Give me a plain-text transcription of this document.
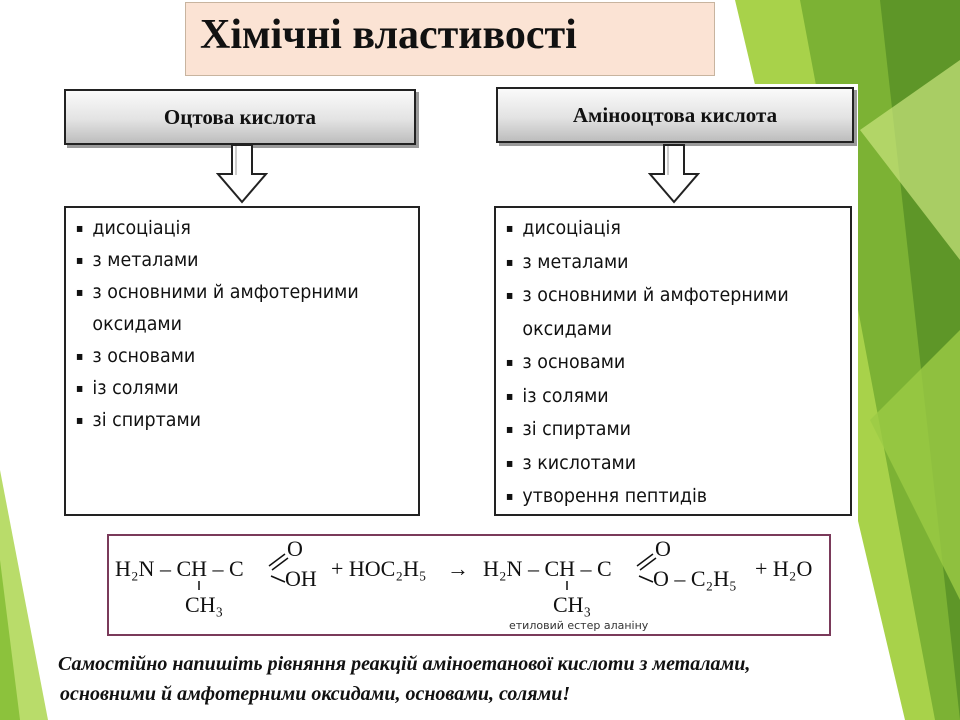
Хімічні властивості
Оцтова кислота	Аміноoцтова кислота
▪ дисоціація
▪ з металами
▪ з основними й амфотерними оксидами
▪ з основами
▪ із солями
▪ зі спиртами
▪ дисоціація
▪ з металами
▪ з основними й амфотерними оксидами
▪ з основами
▪ із солями
▪ зі спиртами
▪ з кислотами
▪ утворення пептидів
H₂N – CH – C
O
OH
CH₃
+ HOC₂H₅ → H₂N – CH – C
O
O – C₂H₅
CH₃
+ H₂O
етиловий естер аланіну
Самостійно напишіть рівняння реакцій аміноетанової кислоти з металами,
основними й амфотерними оксидами, основами, солями!
